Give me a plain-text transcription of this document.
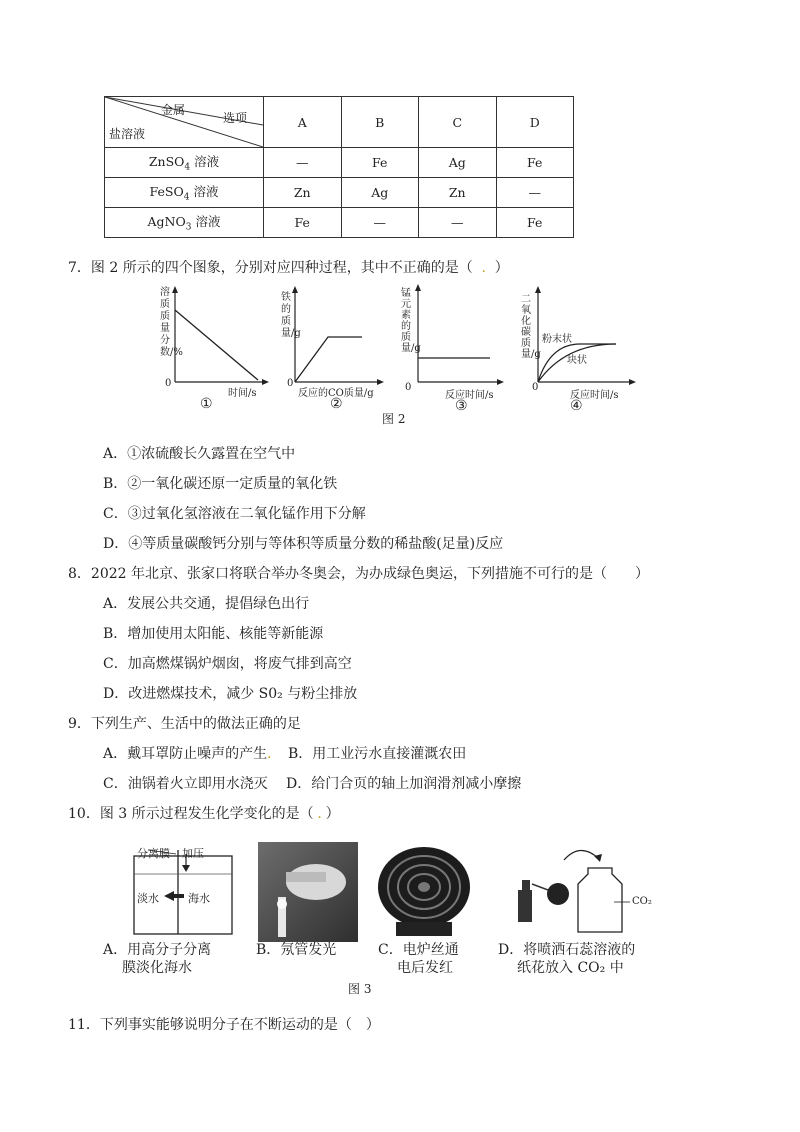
金属
选项
盐溶液	A	B	C	D
ZnSO$_4$ 溶液	—	Fe	Ag	Fe
FeSO$_4$ 溶液	Zn	Ag	Zn	—
AgNO$_3$ 溶液	Fe	—	—	Fe
7．图 2 所示的四个图象，分别对应四种过程，其中不正确的是（ . ）
溶质质量分数/%
0
时间/s
①
铁的质量/g
0
反应的CO质量/g
②
锰元素的质量/g
0
反应时间/s
③
二氧化碳质量/g
粉末状
块状
0
反应时间/s
④
图 2
A．①浓硫酸长久露置在空气中
B．②一氧化碳还原一定质量的氧化铁
C．③过氧化氢溶液在二氧化锰作用下分解
D．④等质量碳酸钙分别与等体积等质量分数的稀盐酸(足量)反应
8．2022 年北京、张家口将联合举办冬奥会，为办成绿色奥运，下列措施不可行的是（　　）
A．发展公共交通，提倡绿色出行
B．增加使用太阳能、核能等新能源
C．加高燃煤锅炉烟囱，将废气排到高空
D．改进燃煤技术，减少 S0₂ 与粉尘排放
9．下列生产、生活中的做法正确的足
A．戴耳罩防止噪声的产生． B．用工业污水直接灌溉农田
C．油锅着火立即用水浇灭 D．给门合页的轴上加润滑剂减小摩擦
10．图 3 所示过程发生化学变化的是（ . ）
分离膜 加压
淡水	海水	CO₂
A．用高分子分离
膜淡化海水
B．氖管发光	C．电炉丝通
电后发红
D．将喷洒石蕊溶液的
纸花放入 CO₂ 中
图 3
11．下列事实能够说明分子在不断运动的是（　）
